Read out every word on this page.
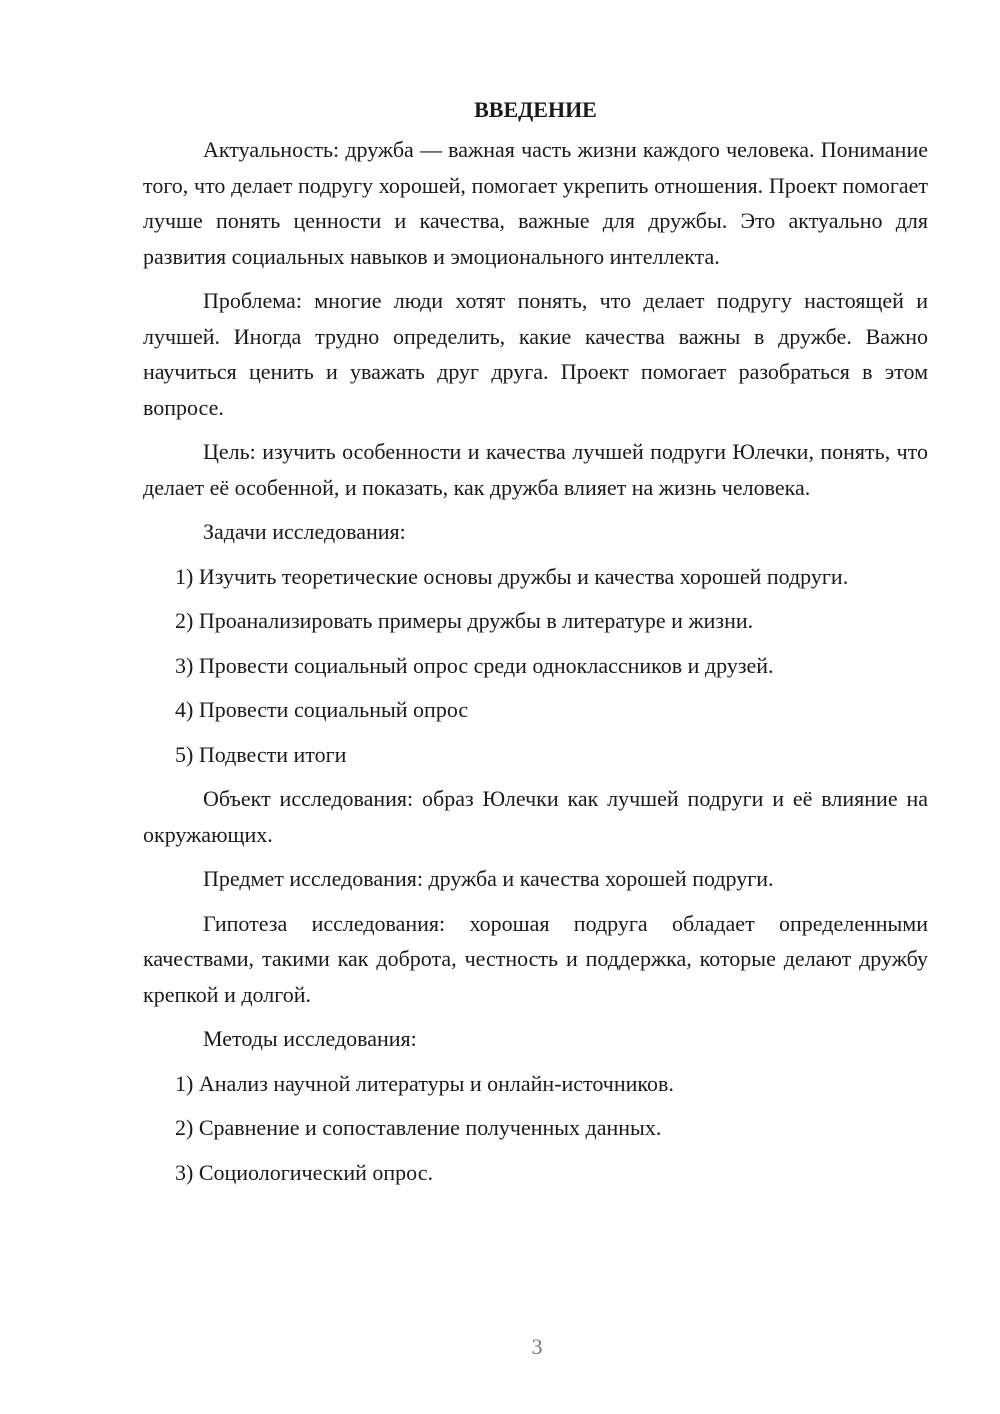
ВВЕДЕНИЕ

Актуальность: дружба — важная часть жизни каждого человека. Понимание того, что делает подругу хорошей, помогает укрепить отношения. Проект помогает лучше понять ценности и качества, важные для дружбы. Это актуально для развития социальных навыков и эмоционального интеллекта.

Проблема: многие люди хотят понять, что делает подругу настоящей и лучшей. Иногда трудно определить, какие качества важны в дружбе. Важно научиться ценить и уважать друг друга. Проект помогает разобраться в этом вопросе.

Цель: изучить особенности и качества лучшей подруги Юлечки, понять, что делает её особенной, и показать, как дружба влияет на жизнь человека.

Задачи исследования:

1) Изучить теоретические основы дружбы и качества хорошей подруги.

2) Проанализировать примеры дружбы в литературе и жизни.

3) Провести социальный опрос среди одноклассников и друзей.

4) Провести социальный опрос

5) Подвести итоги

Объект исследования: образ Юлечки как лучшей подруги и её влияние на окружающих.

Предмет исследования: дружба и качества хорошей подруги.

Гипотеза исследования: хорошая подруга обладает определенными качествами, такими как доброта, честность и поддержка, которые делают дружбу крепкой и долгой.

Методы исследования:

1) Анализ научной литературы и онлайн-источников.

2) Сравнение и сопоставление полученных данных.

3) Социологический опрос.

3
